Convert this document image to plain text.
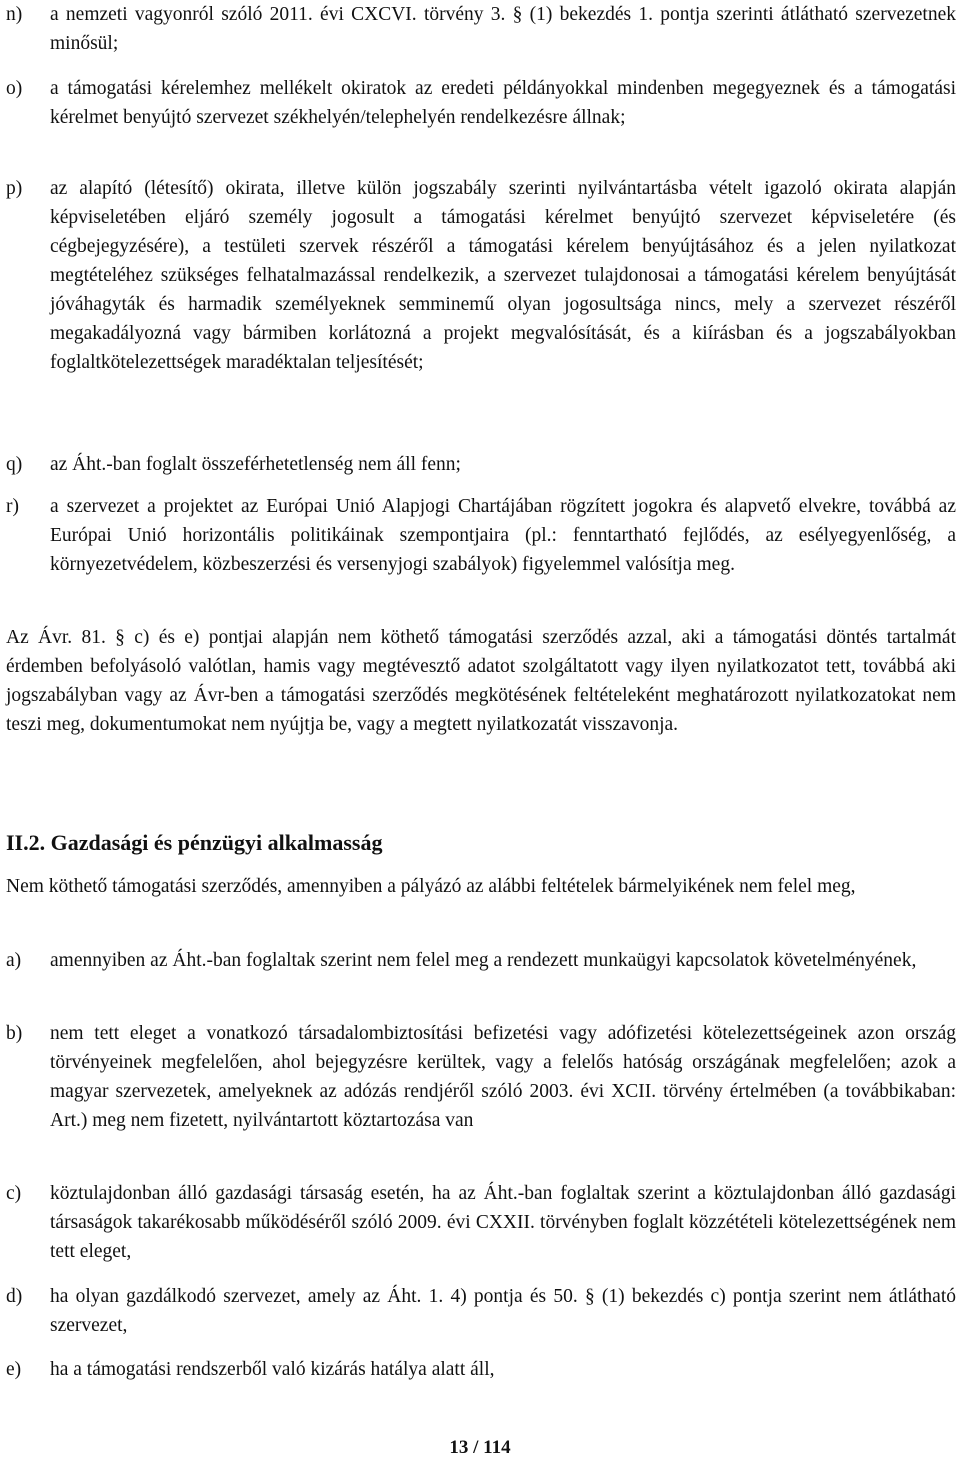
n)	a nemzeti vagyonról szóló 2011. évi CXCVI. törvény 3. § (1) bekezdés 1. pontja szerinti átlátható szervezetnek minősül;
o)	a támogatási kérelemhez mellékelt okiratok az eredeti példányokkal mindenben megegyeznek és a támogatási kérelmet benyújtó szervezet székhelyén/telephelyén rendelkezésre állnak;
p)	az alapító (létesítő) okirata, illetve külön jogszabály szerinti nyilvántartásba vételt igazoló okirata alapján képviseletében eljáró személy jogosult a támogatási kérelmet benyújtó szervezet képviseletére (és cégbejegyzésére), a testületi szervek részéről a támogatási kérelem benyújtásához és a jelen nyilatkozat megtételéhez szükséges felhatalmazással rendelkezik, a szervezet tulajdonosai a támogatási kérelem benyújtását jóváhagyták és harmadik személyeknek semminemű olyan jogosultsága nincs, mely a szervezet részéről megakadályozná vagy bármiben korlátozná a projekt megvalósítását, és a kiírásban és a jogszabályokban foglaltkötelezettségek maradéktalan teljesítését;
q)	az Áht.-ban foglalt összeférhetetlenség nem áll fenn;
r)	a szervezet a projektet az Európai Unió Alapjogi Chartájában rögzített jogokra és alapvető elvekre, továbbá az Európai Unió horizontális politikáinak szempontjaira (pl.: fenntartható fejlődés, az esélyegyenlőség, a környezetvédelem, közbeszerzési és versenyjogi szabályok) figyelemmel valósítja meg.
Az Ávr. 81. § c) és e) pontjai alapján nem köthető támogatási szerződés azzal, aki a támogatási döntés tartalmát érdemben befolyásoló valótlan, hamis vagy megtévesztő adatot szolgáltatott vagy ilyen nyilatkozatot tett, továbbá aki jogszabályban vagy az Ávr-ben a támogatási szerződés megkötésének feltételeként meghatározott nyilatkozatokat nem teszi meg, dokumentumokat nem nyújtja be, vagy a megtett nyilatkozatát visszavonja.
II.2. Gazdasági és pénzügyi alkalmasság
Nem köthető támogatási szerződés, amennyiben a pályázó az alábbi feltételek bármelyikének nem felel meg,
a)	amennyiben az Áht.-ban foglaltak szerint nem felel meg a rendezett munkaügyi kapcsolatok követelményének,
b)	nem tett eleget a vonatkozó társadalombiztosítási befizetési vagy adófizetési kötelezettségeinek azon ország törvényeinek megfelelően, ahol bejegyzésre kerültek, vagy a felelős hatóság országának megfelelően; azok a magyar szervezetek, amelyeknek az adózás rendjéről szóló 2003. évi XCII. törvény értelmében (a továbbikaban: Art.) meg nem fizetett, nyilvántartott köztartozása van
c)	köztulajdonban álló gazdasági társaság esetén, ha az Áht.-ban foglaltak szerint a köztulajdonban álló gazdasági társaságok takarékosabb működéséről szóló 2009. évi CXXII. törvényben foglalt közzétételi kötelezettségének nem tett eleget,
d)	ha olyan gazdálkodó szervezet, amely az Áht. 1. 4) pontja és 50. § (1) bekezdés c) pontja szerint nem átlátható szervezet,
e)	ha a támogatási rendszerből való kizárás hatálya alatt áll,
13 / 114
